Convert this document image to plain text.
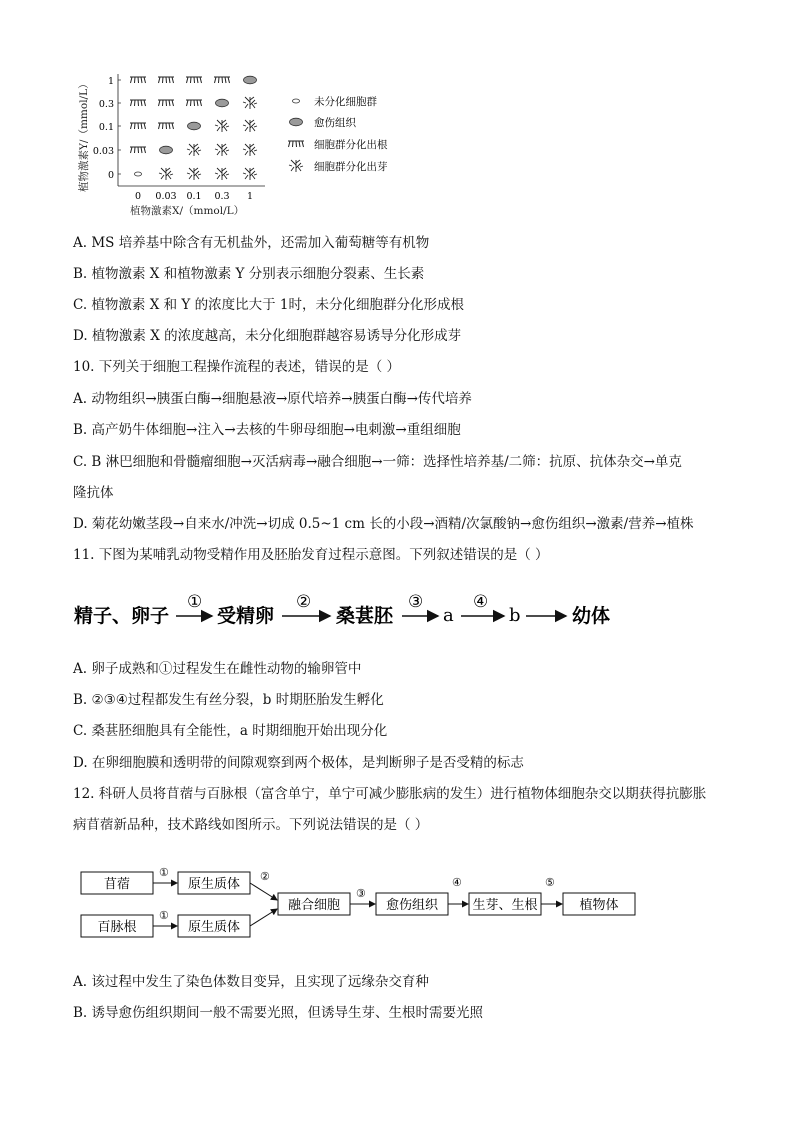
植物激素Y/（mmol/L） 1
0.3
0.1
0.03
0
0 0.03 0.1 0.3 1
植物激素X/（mmol/L）
未分化细胞群
愈伤组织
细胞群分化出根
细胞群分化出芽
A. MS 培养基中除含有无机盐外，还需加入葡萄糖等有机物
B. 植物激素 X 和植物激素 Y 分别表示细胞分裂素、生长素
C. 植物激素 X 和 Y 的浓度比大于 1时，未分化细胞群分化形成根
D. 植物激素 X 的浓度越高，未分化细胞群越容易诱导分化形成芽
10. 下列关于细胞工程操作流程的表述，错误的是（ ）
A. 动物组织→胰蛋白酶→细胞悬液→原代培养→胰蛋白酶→传代培养
B. 高产奶牛体细胞→注入→去核的牛卵母细胞→电刺激→重组细胞
C. B 淋巴细胞和骨髓瘤细胞→灭活病毒→融合细胞→一筛：选择性培养基/二筛：抗原、抗体杂交→单克
隆抗体
D. 菊花幼嫩茎段→自来水/冲洗→切成 0.5~1 cm 长的小段→酒精/次氯酸钠→愈伤组织→激素/营养→植株
11. 下图为某哺乳动物受精作用及胚胎发育过程示意图。下列叙述错误的是（ ）
精子、卵子
①
受精卵
②
桑葚胚
③
a
④
b	幼体
A. 卵子成熟和①过程发生在雌性动物的输卵管中
B. ②③④过程都发生有丝分裂，b 时期胚胎发生孵化
C. 桑葚胚细胞具有全能性，a 时期细胞开始出现分化
D. 在卵细胞膜和透明带的间隙观察到两个极体，是判断卵子是否受精的标志
12. 科研人员将苜蓿与百脉根（富含单宁，单宁可减少膨胀病的发生）进行植物体细胞杂交以期获得抗膨胀
病苜蓿新品种，技术路线如图所示。下列说法错误的是（ ）
苜蓿
百脉根
原生质体
原生质体
融合细胞	愈伤组织	生芽、生根	植物体
①
①
②
③
④	⑤
A. 该过程中发生了染色体数目变异，且实现了远缘杂交育种
B. 诱导愈伤组织期间一般不需要光照，但诱导生芽、生根时需要光照
